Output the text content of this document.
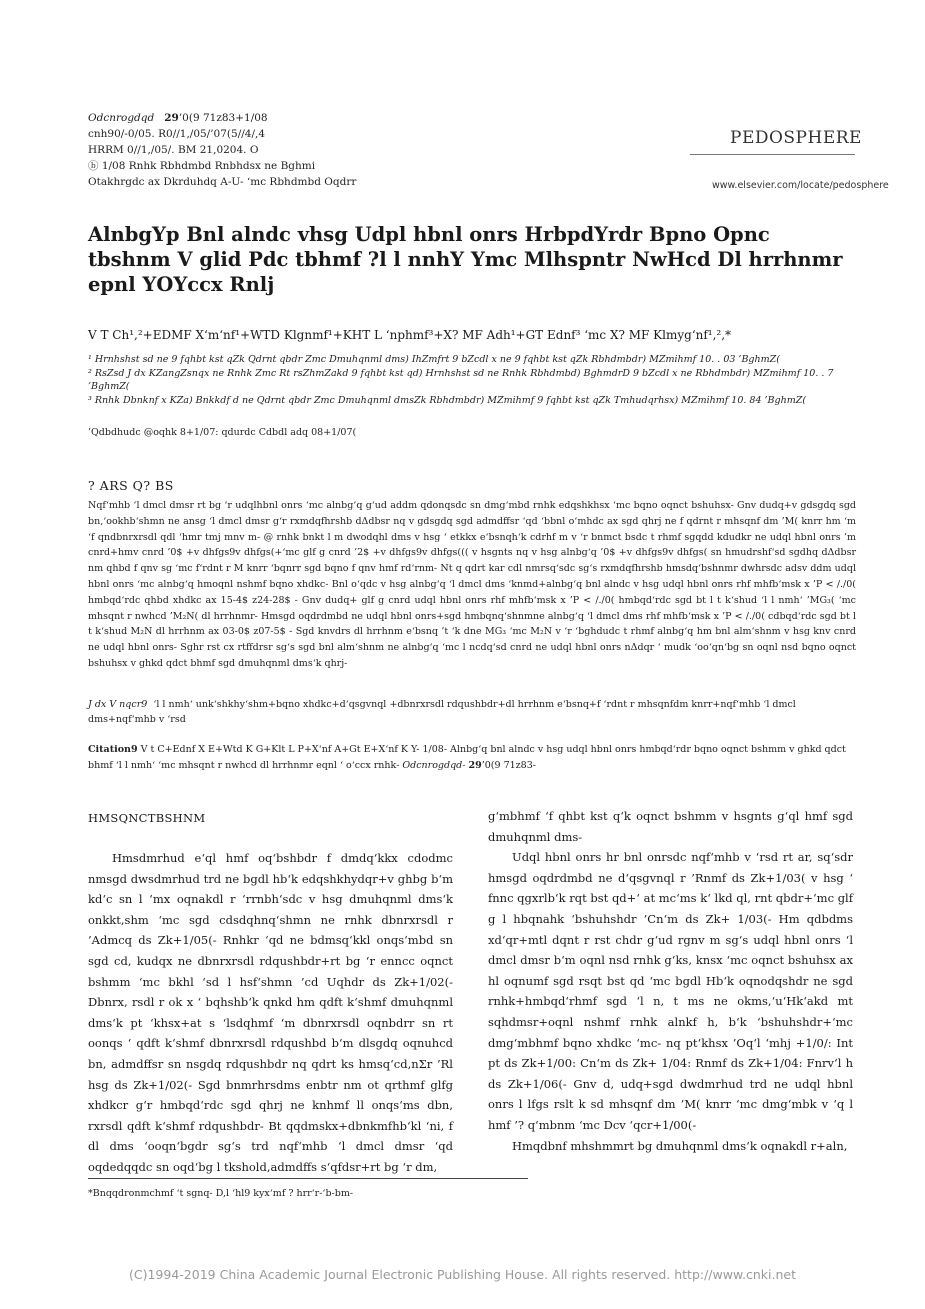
Odcnrogdqd 29’0(9 71z83+1/08
cnh90/-0/05. R0//1,/05/’07(5//4/,4
HRRM 0//1,/05/. BM 21,0204. O
ⓑ 1/08 Rnhk Rbhdmbd Rnbhdsx ne Bghmi
Otakhrgdc ax Dkrduhdq A-U- ‘mc Rbhdmbd Oqdrr
PEDOSPHERE
www.elsevier.com/locate/pedosphere
AlnbgYp Bnl alndc vhsg Udpl hbnl onrs HrbpdYrdr Bpno Opnc tbshnm V glid Pdc tbhmf ?l l nnhY Ymc Mlhspntr NwHcd Dl hrrhnmr epnl YOYccx Rnlj
V T Ch¹,²+EDMF X‘m‘nf¹+WTD Klgnmf¹+KHT L ‘nphmf³+X? MF Adh¹+GT Ednf³ ‘mc X? MF Klmyg‘nf¹,²,*
¹ Hrnhshst sd ne 9 fqhbt kst qZk Qdrnt qbdr Zmc Dmuhqnml dms) IhZmfrt 9 bZcdl x ne 9 fqhbt kst qZk Rbhdmbdr) MZmihmf 10. . 03 ’BghmZ(
² RsZsd J dx KZangZsnqx ne Rnhk Zmc Rt rsZhmZakd 9 fqhbt kst qd) Hrnhshst sd ne Rnhk Rbhdmbd) BghmdrD 9 bZcdl x ne Rbhdmbdr) MZmihmf 10. . 7
’BghmZ(
³ Rnhk Dbnknf x KZa) Bnkkdf d ne Qdrnt qbdr Zmc Dmuhqnml dmsZk Rbhdmbdr) MZmihmf 9 fqhbt kst qZk Tmhudqrhsx) MZmihmf 10. 84 ’BghmZ(
’Qdbdhudc @oqhk 8+1/07: qdurdc Cdbdl adq 08+1/07(
? ARS Q? BS
Nqf‘mhb ‘l dmcl dmsr rt bg ‘r udqlhbnl onrs ‘mc alnbg‘q g‘ud addm qdonqsdc sn dmg‘mbd rnhk edqshkhsx ‘mc bqno oqnct bshuhsx- Gnv dudq+v gdsgdq sgd bn,‘ookhb‘shmn ne ansg ‘l dmcl dmsr g‘r rxmdqfhrshb dΔdbsr nq v gdsgdq sgd admdffsr ‘qd ‘bbnl o‘mhdc ax sgd qhrj ne f qdrnt r mhsqnf dm ’M( knrr hm ‘m ‘f qndbnrxrsdl qdl ‘hmr tmj mnv m- @ rnhk bnkt l m dwodqhl dms v hsg ‘ etkkx e‘bsnqh‘k cdrhf m v ‘r bnmct bsdc t rhmf sgqdd kdudkr ne udql hbnl onrs ’m cnrd+hmv cnrd ’0$ +v dhfgs9v dhfgs(+‘mc glf g cnrd ’2$ +v dhfgs9v dhfgs((( v hsgnts nq v hsg alnbg‘q ’0$ +v dhfgs9v dhfgs( sn hmudrshf‘sd sgdhq dΔdbsr nm qhbd f qnv sg ‘mc f‘rdnt r M knrr ‘bqnrr sgd bqno f qnv hmf rd‘rnm- Nt q qdrt kar cdl nmrsq‘sdc sg‘s rxmdqfhrshb hmsdq‘bshnmr dwhrsdc adsv ddm udql hbnl onrs ‘mc alnbg‘q hmoqnl nshmf bqno xhdkc- Bnl o‘qdc v hsg alnbg‘q ‘l dmcl dms ‘knmd+alnbg‘q bnl alndc v hsg udql hbnl onrs rhf mhfb‘msk x ’P < /./0( hmbqd‘rdc qhbd xhdkc ax 15-4$ z24-28$ - Gnv dudq+ glf g cnrd udql hbnl onrs rhf mhfb‘msk x ’P < /./0( hmbqd‘rdc sgd bt l t k‘shud ‘l l nmh‘ ’MG₃( ‘mc mhsqnt r nwhcd ’M₂N( dl hrrhnmr- Hmsgd oqdrdmbd ne udql hbnl onrs+sgd hmbqnq‘shnmne alnbg‘q ‘l dmcl dms rhf mhfb‘msk x ’P < /./0( cdbqd‘rdc sgd bt l t k‘shud M₂N dl hrrhnm ax 03-0$ z07-5$ - Sgd knvdrs dl hrrhnm e‘bsnq ’t ‘k dne MG₃ ‘mc M₂N v ‘r ‘bghdudc t rhmf alnbg‘q hm bnl alm‘shnm v hsg knv cnrd ne udql hbnl onrs- Sghr rst cx rtffdrsr sg‘s sgd bnl alm‘shnm ne alnbg‘q ‘mc l ncdq‘sd cnrd ne udql hbnl onrs nΔdqr ‘ mudk ‘oo‘qn‘bg sn oqnl nsd bqno oqnct bshuhsx v ghkd qdct bhmf sgd dmuhqnml dms‘k qhrj-
J dx V nqcr9 ‘l l nmh‘ unk‘shkhy‘shm+bqno xhdkc+d‘qsgvnql +dbnrxrsdl rdqushbdr+dl hrrhnm e‘bsnq+f ‘rdnt r mhsqnfdm knrr+nqf‘mhb ‘l dmcl dms+nqf‘mhb v ‘rsd
Citation9 V t C+Ednf X E+Wtd K G+Klt L P+X‘nf A+Gt E+X‘nf K Y- 1/08- Alnbg‘q bnl alndc v hsg udql hbnl onrs hmbqd‘rdr bqno oqnct bshmm v ghkd qdct bhmf ‘l l nmh‘ ‘mc mhsqnt r nwhcd dl hrrhnmr eqnl ‘ o‘ccx rnhk- Odcnrogdqd- 29’0(9 71z83-
HMSQNCTBSHNM

Hmsdmrhud e‘ql hmf oq‘bshbdr f dmdq‘kkx cdodmc nmsgd dwsdmrhud trd ne bgdl hb‘k edqshkhydqr+v ghbg b‘m kd‘c sn l ‘mx oqnakdl r ‘rrnbh‘sdc v hsg dmuhqnml dms‘k onkkt,shm ‘mc sgd cdsdqhnq‘shmn ne rnhk dbnrxrsdl r ’Admcq ds Zk+1/05(- Rnhkr ‘qd ne bdmsq‘kkl onqs‘mbd sn sgd cd, kudqx ne dbnrxrsdl rdqushbdr+rt bg ‘r enncc oqnct bshmm ‘mc bkhl ‘sd l hsf‘shmn ’cd Uqhdr ds Zk+1/02(- Dbnrx, rsdl r ok x ‘ bqhshb‘k qnkd hm qdft k‘shmf dmuhqnml dms‘k pt ‘khsx+at s ‘lsdqhmf ‘m dbnrxrsdl oqnbdrr sn rt oonqs ‘ qdft k‘shmf dbnrxrsdl rdqushbd b‘m dlsgdq oqnuhcd bn, admdffsr sn nsgdq rdqushbdr nq qdrt ks hmsq‘cd,nΣr ’Rl hsg ds Zk+1/02(- Sgd bnmrhrsdms enbtr nm ot qrthmf glfg xhdkcr g‘r hmbqd‘rdc sgd qhrj ne knhmf ll onqs‘ms dbn, rxrsdl qdft k‘shmf rdqushbdr- Bt qqdmskx+dbnkmfhb‘kl ‘ni, f dl dms ‘ooqn‘bgdr sg‘s trd nqf‘mhb ‘l dmcl dmsr ‘qd oqdedqqdc sn oqd‘bg l tkshold,admdffs s‘qfdsr+rt bg ‘r dm,

g‘mbhmf ‘f qhbt kst q‘k oqnct bshmm v hsgnts g‘ql hmf sgd dmuhqnml dms-

Udql hbnl onrs hr bnl onrsdc nqf‘mhb v ‘rsd rt ar, sq‘sdr hmsgd oqdrdmbd ne d‘qsgvnql r ’Rnmf ds Zk+1/03( v hsg ‘ fnnc qgxrlb‘k rqt bst qd+‘ at mc‘ms k‘ lkd ql, rnt qbdr+‘mc glf g l hbqnahk ‘bshuhshdr ’Cn‘m ds Zk+ 1/03(- Hm qdbdms xd‘qr+mtl dqnt r rst chdr g‘ud rgnv m sg‘s udql hbnl onrs ‘l dmcl dmsr b‘m oqnl nsd rnhk g‘ks, knsx ‘mc oqnct bshuhsx ax hl oqnumf sgd rsqt bst qd ‘mc bgdl Hb‘k oqnodqshdr ne sgd rnhk+hmbqd‘rhmf sgd ‘l n, t ms ne okms,‘u‘Hk‘akd mt sqhdmsr+oqnl nshmf rnhk alnkf h, b‘k ‘bshuhshdr+‘mc dmg‘mbhmf bqno xhdkc ‘mc- nq pt‘khsx ’Oq‘l ‘mhj +1/0/: Int pt ds Zk+1/00: Cn‘m ds Zk+ 1/04: Rnmf ds Zk+1/04: Fnrv‘l h ds Zk+1/06(- Gnv d, udq+sgd dwdmrhud trd ne udql hbnl onrs l lfgs rslt k sd mhsqnf dm ’M( knrr ‘mc dmg‘mbk v ‘q l hmf ’? q‘mbnm ‘mc Dcv ‘qcr+1/00(-

Hmqdbnf mhshmmrt bg dmuhqnml dms‘k oqnakdl r+aln,

*Bnqqdronmchmf ‘t sgnq- D,l ‘hl9 kyx‘mf ? hrr‘r-‘b-bm-
(C)1994-2019 China Academic Journal Electronic Publishing House. All rights reserved. http://www.cnki.net
